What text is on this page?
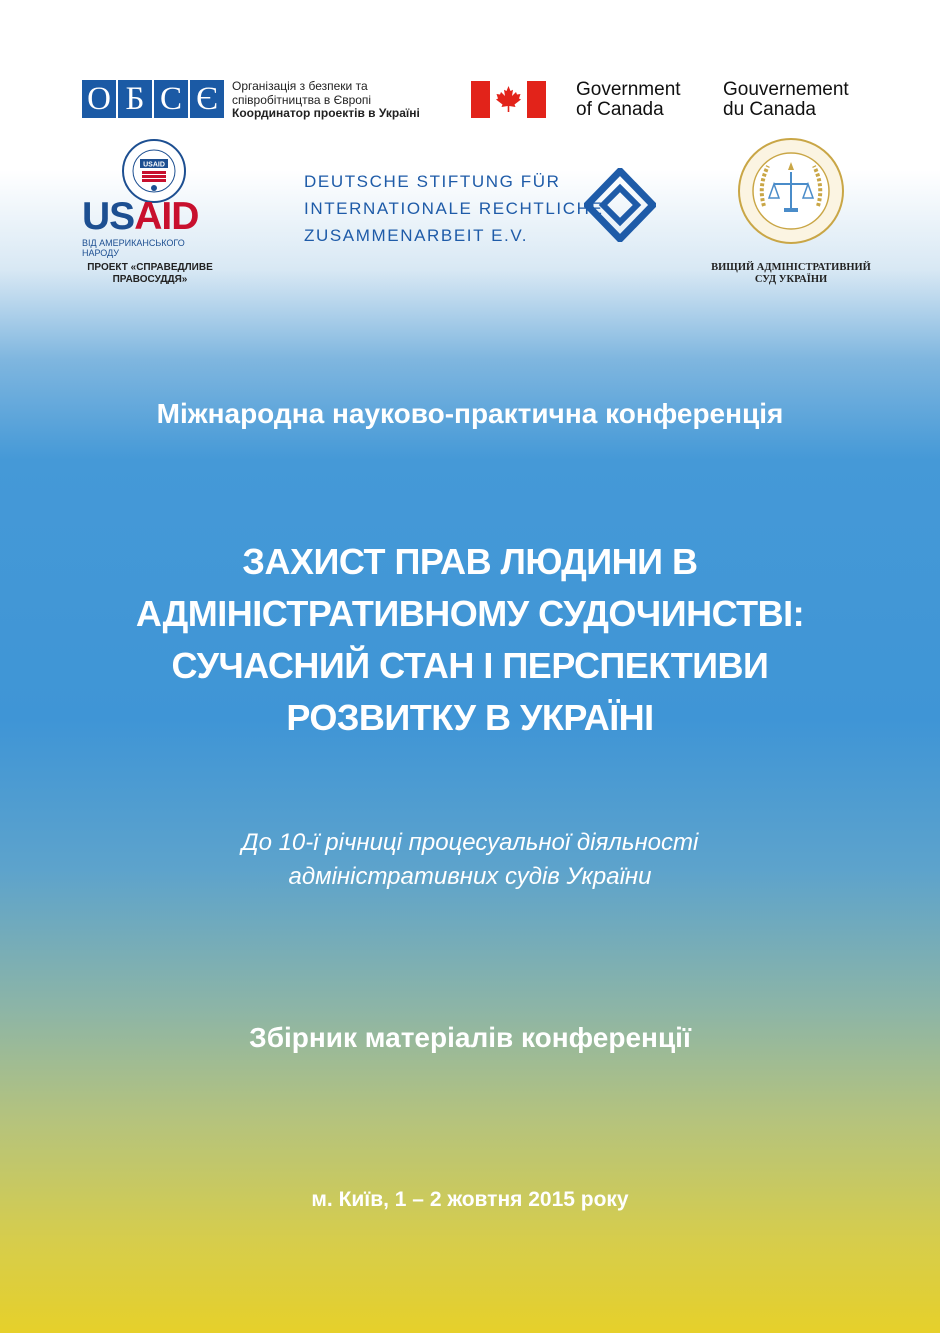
О Б С Є	Організація з безпеки та
співробітництва в Європі
Координатор проектів в Україні
Government
of Canada
Gouvernement
du Canada
USAID
USAID
ВІД АМЕРИКАНСЬКОГО НАРОДУ
ПРОЕКТ «СПРАВЕДЛИВЕ
ПРАВОСУДДЯ»
DEUTSCHE STIFTUNG FÜR
INTERNATIONALE RECHTLICHE
ZUSAMMENARBEIT E.V.
ВИЩИЙ АДМІНІСТРАТИВНИЙ
СУД УКРАЇНИ
Міжнародна науково-практична конференція
ЗАХИСТ ПРАВ ЛЮДИНИ В
АДМІНІСТРАТИВНОМУ СУДОЧИНСТВІ:
СУЧАСНИЙ СТАН І ПЕРСПЕКТИВИ
РОЗВИТКУ В УКРАЇНІ
До 10-ї річниці процесуальної діяльності
адміністративних судів України
Збірник матеріалів конференції
м. Київ, 1 – 2 жовтня 2015 року
